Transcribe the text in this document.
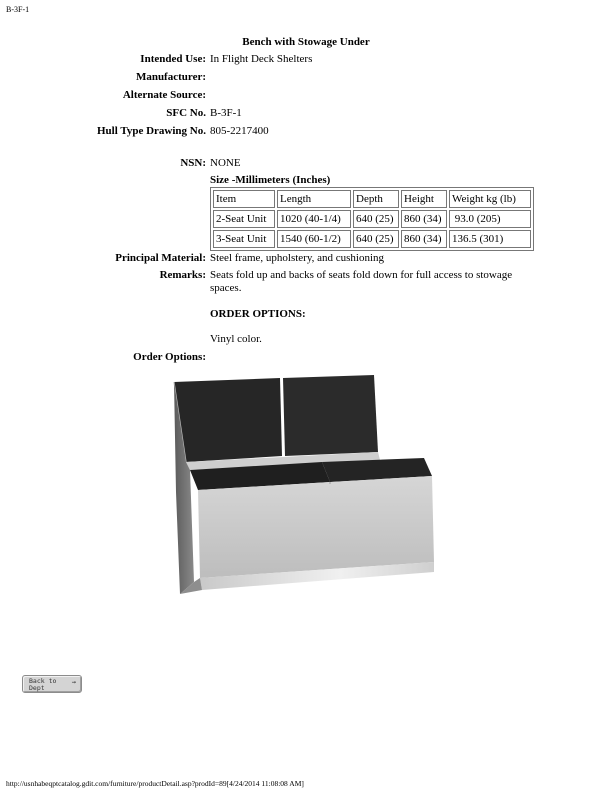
B-3F-1
Bench with Stowage Under
Intended Use: In Flight Deck Shelters
Manufacturer:
Alternate Source:
SFC No. B-3F-1
Hull Type Drawing No. 805-2217400
NSN: NONE
Size -Millimeters (Inches)
Item	Length	Depth	Height	Weight kg (lb)
2-Seat Unit	1020 (40-1/4)	640 (25)	860 (34)	93.0 (205)
3-Seat Unit	1540 (60-1/2)	640 (25)	860 (34)	136.5 (301)
Principal Material: Steel frame, upholstery, and cushioning
Remarks: Seats fold up and backs of seats fold down for full access to stowage spaces.
ORDER OPTIONS:
Vinyl color.
Order Options:
Back to
Dept
→
http://usnhabeqptcatalog.gdit.com/furniture/productDetail.asp?prodId=89[4/24/2014 11:08:08 AM]
